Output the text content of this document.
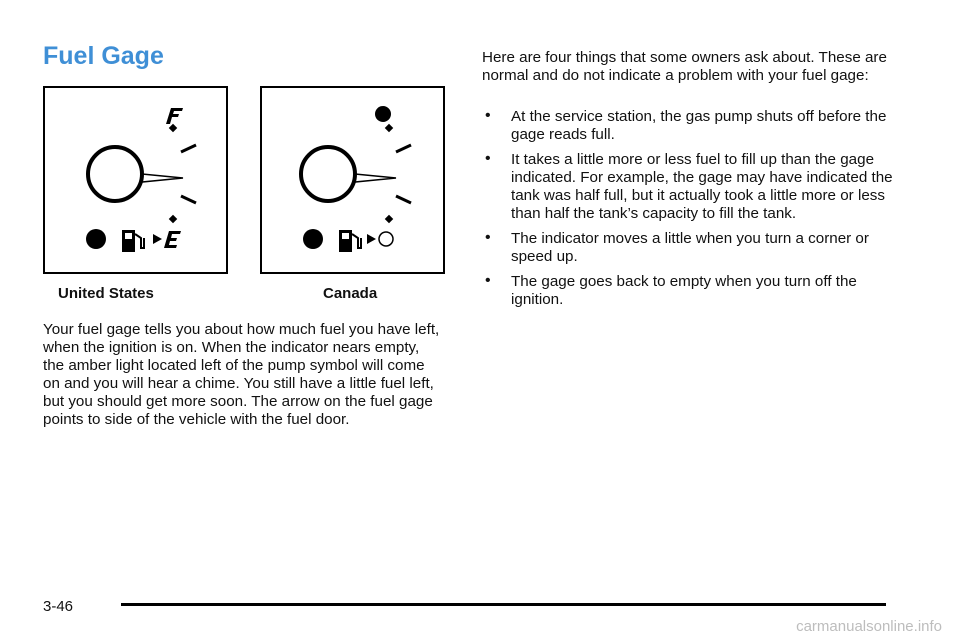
Fuel Gage
United States	Canada

Your fuel gage tells you about how much fuel you have left, when the ignition is on. When the indicator nears empty, the amber light located left of the pump symbol will come on and you will hear a chime. You still have a little fuel left, but you should get more soon. The arrow on the fuel gage points to side of the vehicle with the fuel door.

Here are four things that some owners ask about. These are normal and do not indicate a problem with your fuel gage:

• At the service station, the gas pump shuts off before the gage reads full.
• It takes a little more or less fuel to fill up than the gage indicated. For example, the gage may have indicated the tank was half full, but it actually took a little more or less than half the tank’s capacity to fill the tank.
• The indicator moves a little when you turn a corner or speed up.
• The gage goes back to empty when you turn off the ignition.
3-46
carmanualsonline.info
